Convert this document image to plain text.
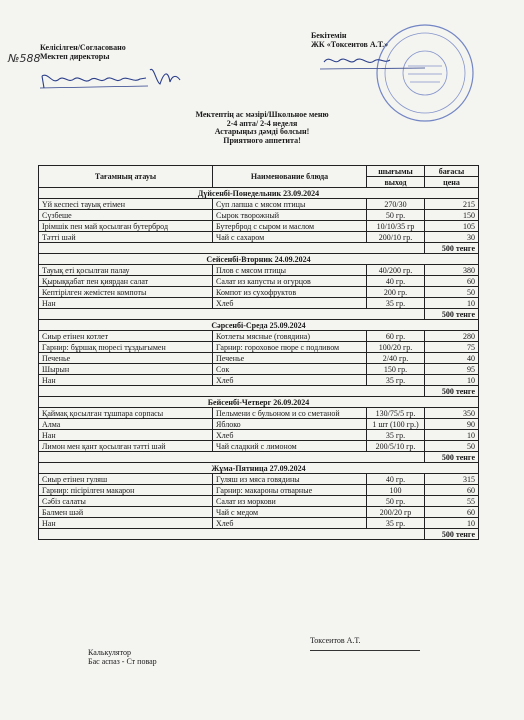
№588
Келісілген/Согласовано
Мектеп директоры
Бекітемін
ЖК «Токсеитов А.Т.»
Мектептің ас мәзірі/Школьное меню
2-4 апта/ 2-4 неделя
Астарыңыз дәмді болсын!
Приятного аппетита!
Тағамның атауы	Наименование блюда	шығымы	бағасы
		выход	цена
Дүйсенбі-Понедельник 23.09.2024			
Үй кеспесі тауық етімен	Суп лапша с мясом птицы	270/30	215
Сүзбеше	Сырок творожный	50 гр.	150
Ірімшік пен май қосылған бутерброд	Бутерброд с сыром и маслом	10/10/35 гр	105
Тәтті шәй	Чай с сахаром	200/10 гр.	30
			500 тенге
Сейсенбі-Вторник 24.09.2024			
Тауық еті қосылған палау	Плов с мясом птицы	40/200 гр.	380
Қырыққабат пен қиярдан салат	Салат из капусты и огурцов	40 гр.	60
Кептірілген жемістен компоты	Компот из сухофруктов	200 гр.	50
Нан	Хлеб	35 гр.	10
			500 тенге
Сәрсенбі-Среда 25.09.2024			
Сиыр етінен котлет	Котлеты мясные (говядина)	60 гр.	280
Гарнир: бұршақ пюресі тұздығымен	Гарнир: гороховое пюре с подливом	100/20 гр.	75
Печенье	Печенье	2/40 гр.	40
Шырын	Сок	150 гр.	95
Нан	Хлеб	35 гр.	10
			500 тенге
Бейсенбі-Четверг 26.09.2024			
Қаймақ қосылған тұшпара сорпасы	Пельмени с бульоном и со сметаной	130/75/5 гр.	350
Алма	Яблоко	1 шт (100 гр.)	90
Нан	Хлеб	35 гр.	10
Лимон мен қант қосылған тәтті шәй	Чай сладкий с лимоном	200/5/10 гр.	50
			500 тенге
Жұма-Пятница 27.09.2024			
Сиыр етінен гуляш	Гуляш из мяса говядины	40 гр.	315
Гарнир: пісірілген макарон	Гарнир: макароны отварные	100	60
Сәбіз салаты	Салат из моркови	50 гр.	55
Балмен шәй	Чай с медом	200/20 гр	60
Нан	Хлеб	35 гр.	10
			500 тенге
Калькулятор
Бас аспаз - Ст повар
Токсеитов А.Т.
